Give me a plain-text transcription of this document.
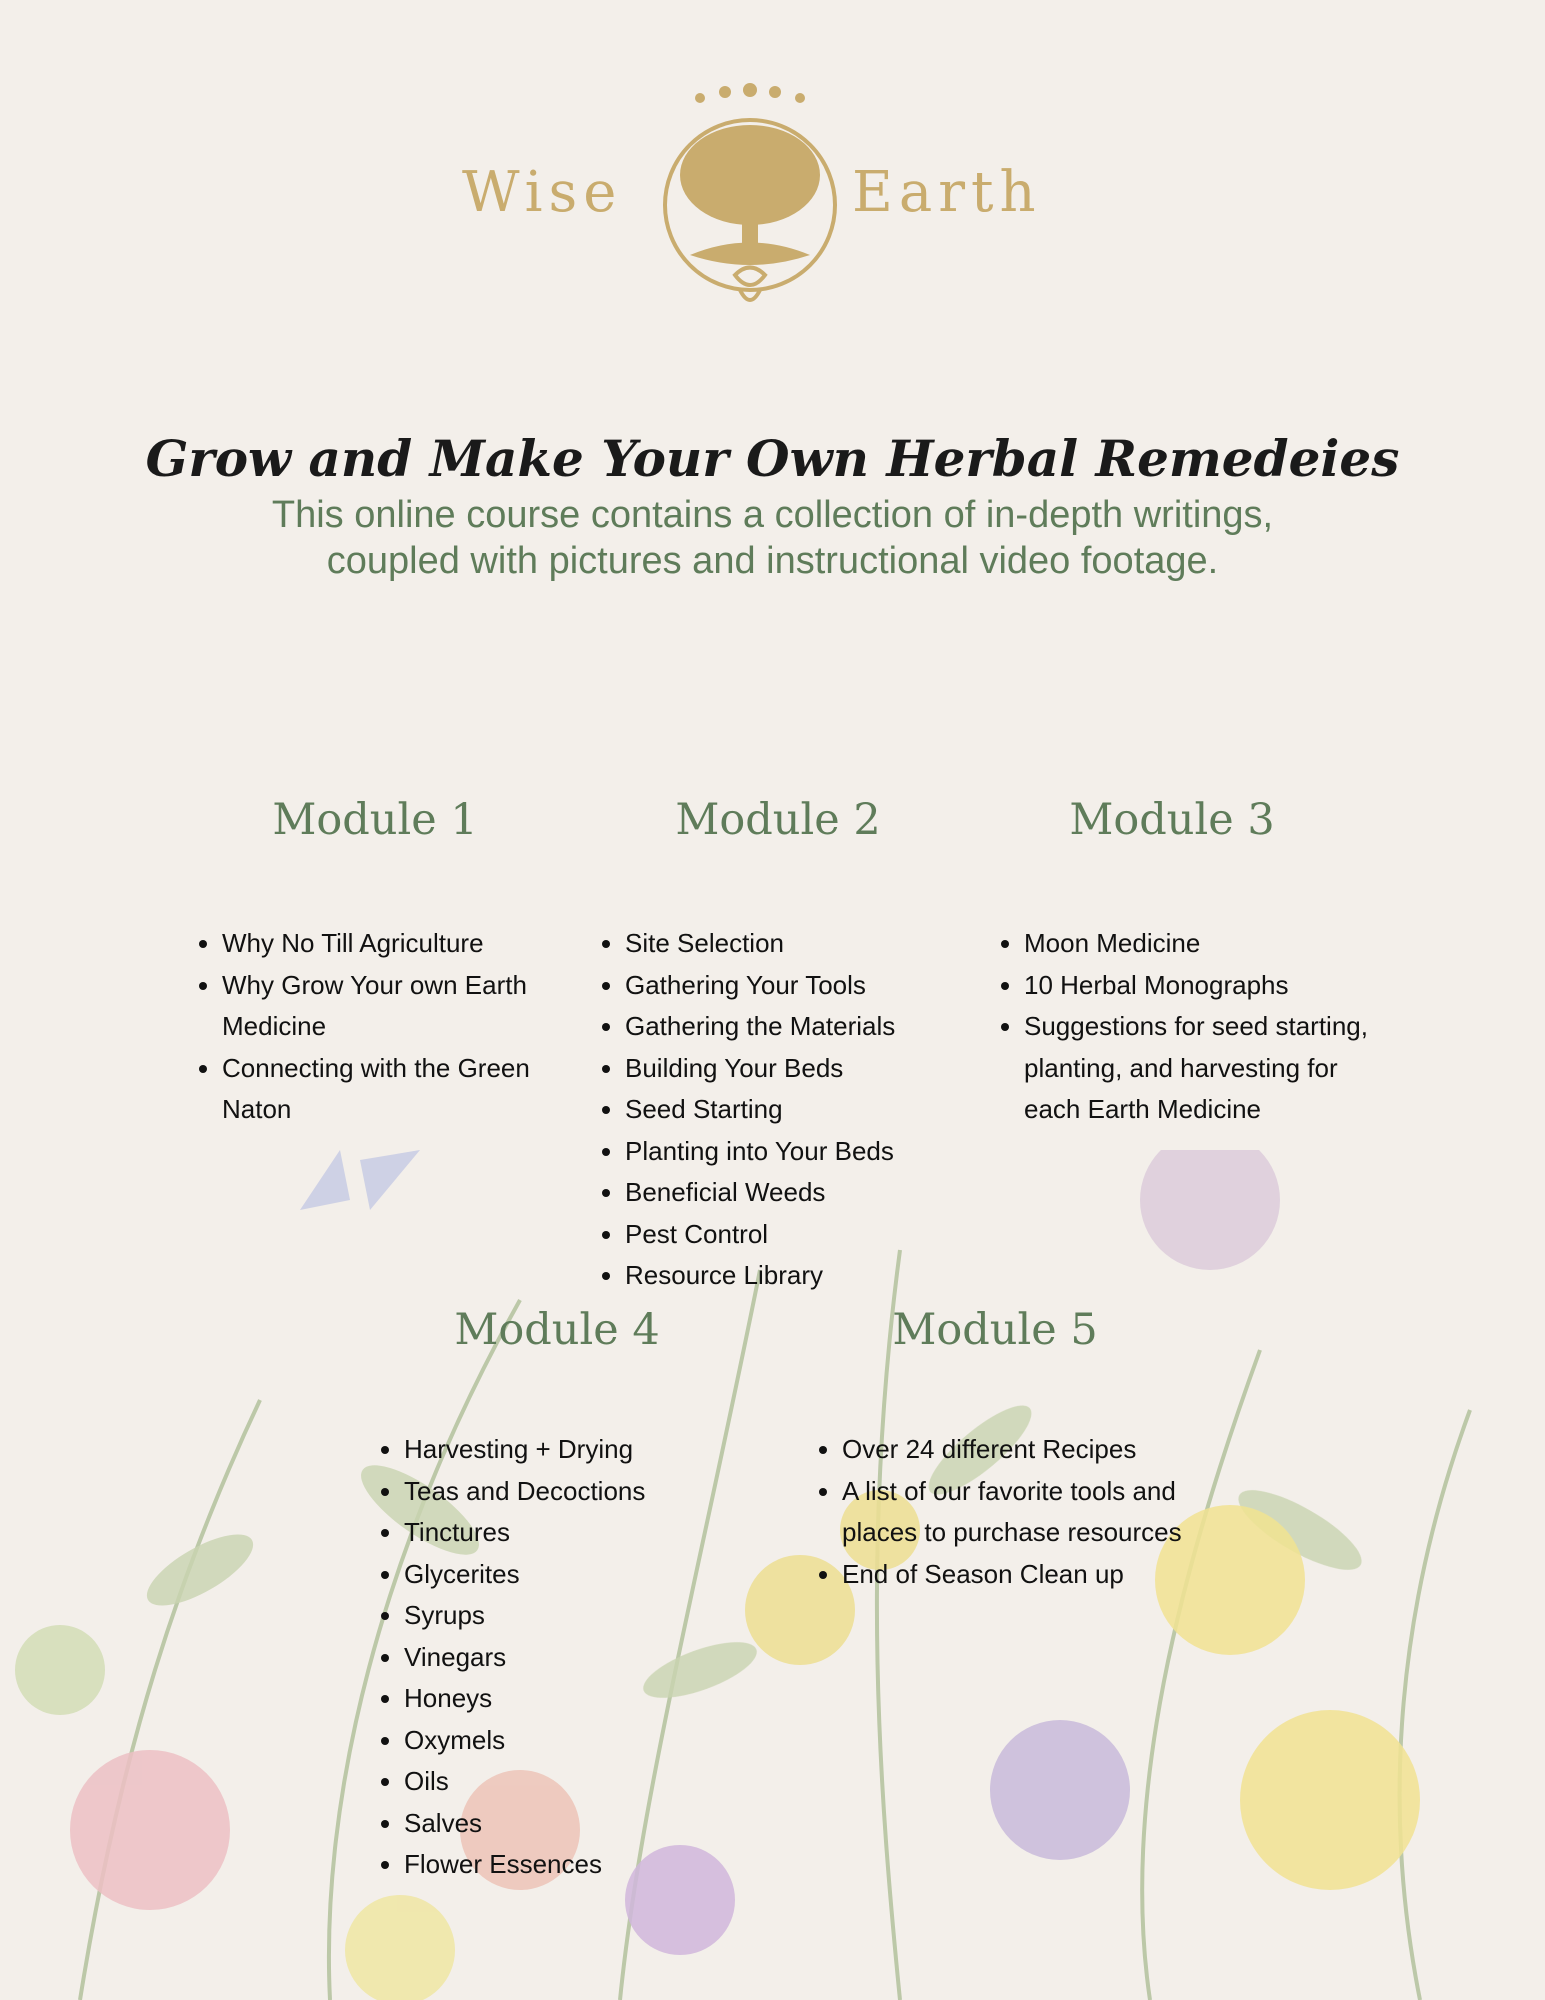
Wise	Earth
Grow and Make Your Own Herbal Remedeies
This online course contains a collection of in-depth writings,
coupled with pictures and instructional video footage.
Module 1
• Why No Till Agriculture
• Why Grow Your own Earth Medicine
• Connecting with the Green Naton
Module 2
• Site Selection
• Gathering Your Tools
• Gathering the Materials
• Building Your Beds
• Seed Starting
• Planting into Your Beds
• Beneficial Weeds
• Pest Control
• Resource Library
Module 3
• Moon Medicine
• 10 Herbal Monographs
• Suggestions for seed starting, planting, and harvesting for each Earth Medicine
Module 4
• Harvesting + Drying
• Teas and Decoctions
• Tinctures
• Glycerites
• Syrups
• Vinegars
• Honeys
• Oxymels
• Oils
• Salves
• Flower Essences
Module 5
• Over 24 different Recipes
• A list of our favorite tools and places to purchase resources
• End of Season Clean up
